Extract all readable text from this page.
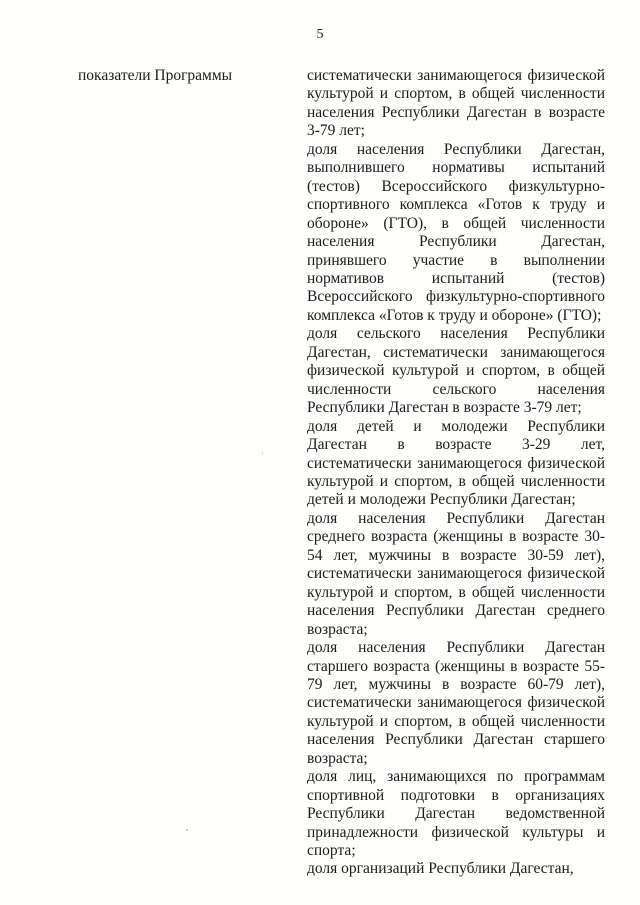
5
показатели Программы	систематически занимающегося физической культурой и спортом, в общей численности населения Республики Дагестан в возрасте 3-79 лет;

доля населения Республики Дагестан, выполнившего нормативы испытаний (тестов) Всероссийского физкультурно-спортивного комплекса «Готов к труду и обороне» (ГТО), в общей численности населения Республики Дагестан, принявшего участие в выполнении нормативов испытаний (тестов) Всероссийского физкультурно-спортивного комплекса «Готов к труду и обороне» (ГТО);

доля сельского населения Республики Дагестан, систематически занимающегося физической культурой и спортом, в общей численности сельского населения Республики Дагестан в возрасте 3-79 лет;

доля детей и молодежи Республики Дагестан в возрасте 3-29 лет, систематически занимающегося физической культурой и спортом, в общей численности детей и молодежи Республики Дагестан;

доля населения Республики Дагестан среднего возраста (женщины в возрасте 30-54 лет, мужчины в возрасте 30-59 лет), систематически занимающегося физической культурой и спортом, в общей численности населения Республики Дагестан среднего возраста;

доля населения Республики Дагестан старшего возраста (женщины в возрасте 55-79 лет, мужчины в возрасте 60-79 лет), систематически занимающегося физической культурой и спортом, в общей численности населения Республики Дагестан старшего возраста;

доля лиц, занимающихся по программам спортивной подготовки в организациях Республики Дагестан ведомственной принадлежности физической культуры и спорта;

доля организаций Республики Дагестан,
